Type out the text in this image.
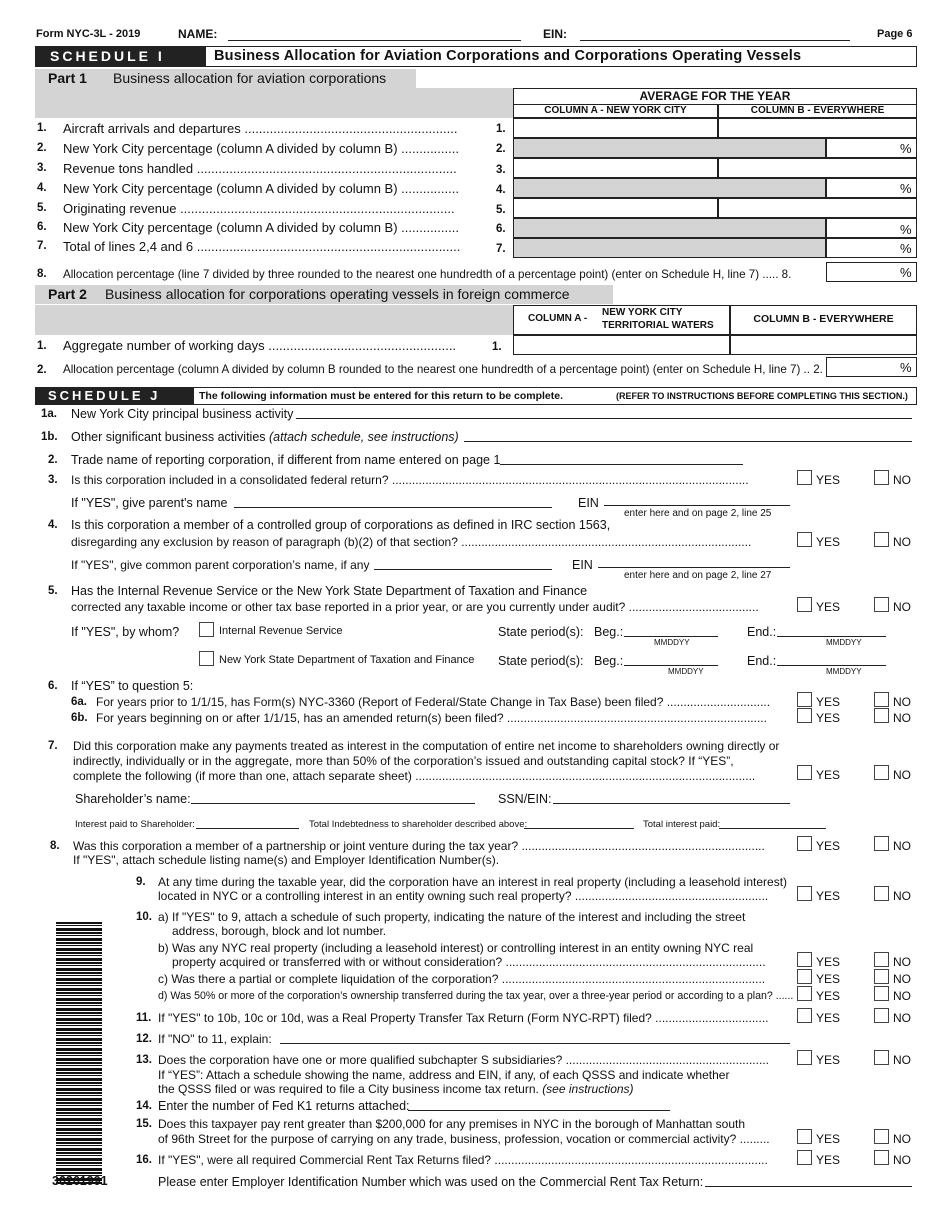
Form NYC-3L - 2019	NAME:	EIN:	Page 6
SCHEDULE I	Business Allocation for Aviation Corporations and Corporations Operating Vessels
Part 1 Business allocation for aviation corporations
AVERAGE FOR THE YEAR
COLUMN A - NEW YORK CITY	COLUMN B - EVERYWHERE
1. Aircraft arrivals and departures ...........................................................	1.
2. New York City percentage (column A divided by column B) ................	2.	%
3. Revenue tons handled ........................................................................	3.
4. New York City percentage (column A divided by column B) ................	4.	%
5. Originating revenue ............................................................................	5.
6. New York City percentage (column A divided by column B) ................	6.	%
7. Total of lines 2,4 and 6 .........................................................................	7.	%
8. Allocation percentage (line 7 divided by three rounded to the nearest one hundredth of a percentage point) (enter on Schedule H, line 7) ..... 8.	%
Part 2 Business allocation for corporations operating vessels in foreign commerce
COLUMN A -
NEW YORK CITY
TERRITORIAL WATERS
COLUMN B - EVERYWHERE
1. Aggregate number of working days ....................................................	1.
2. Allocation percentage (column A divided by column B rounded to the nearest one hundredth of a percentage point) (enter on Schedule H, line 7) .. 2.	%
SCHEDULE J	The following information must be entered for this return to be complete.	(REFER TO INSTRUCTIONS BEFORE COMPLETING THIS SECTION.)
1a. New York City principal business activity
1b. Other significant business activities (attach schedule, see instructions)
2. Trade name of reporting corporation, if different from name entered on page 1
3. Is this corporation included in a consolidated federal return? ...........................................................................................................	YES	NO
If "YES", give parent's name	EIN
enter here and on page 2, line 25
4. Is this corporation a member of a controlled group of corporations as defined in IRC section 1563,
disregarding any exclusion by reason of paragraph (b)(2) of that section? .......................................................................................	YES	NO
If "YES", give common parent corporation’s name, if any	EIN
enter here and on page 2, line 27
5. Has the Internal Revenue Service or the New York State Department of Taxation and Finance
corrected any taxable income or other tax base reported in a prior year, or are you currently under audit? .......................................	YES	NO
If "YES", by whom?	Internal Revenue Service	State period(s): Beg.:
MMDDYY
End.:
MMDDYY
New York State Department of Taxation and Finance State period(s): Beg.:
MMDDYY
End.:
MMDDYY
6. If “YES” to question 5:
6a. For years prior to 1/1/15, has Form(s) NYC-3360 (Report of Federal/State Change in Tax Base) been filed? ...............................	YES	NO
6b. For years beginning on or after 1/1/15, has an amended return(s) been filed? ..............................................................................	YES	NO
7. Did this corporation make any payments treated as interest in the computation of entire net income to shareholders owning directly or
indirectly, individually or in the aggregate, more than 50% of the corporation’s issued and outstanding capital stock? If “YES”,
complete the following (if more than one, attach separate sheet) ......................................................................................................	YES	NO
Shareholder’s name:	SSN/EIN:
Interest paid to Shareholder:	Total Indebtedness to shareholder described above:	Total interest paid:
8. Was this corporation a member of a partnership or joint venture during the tax year? .........................................................................
If "YES", attach schedule listing name(s) and Employer Identification Number(s).
YES	NO
9. At any time during the taxable year, did the corporation have an interest in real property (including a leasehold interest)
located in NYC or a controlling interest in an entity owning such real property? ..........................................................	YES	NO
10. a) If "YES" to 9, attach a schedule of such property, indicating the nature of the interest and including the street
address, borough, block and lot number.
b) Was any NYC real property (including a leasehold interest) or controlling interest in an entity owning NYC real
property acquired or transferred with or without consideration? ..............................................................................	YES	NO
c) Was there a partial or complete liquidation of the corporation? ...............................................................................	YES	NO
d) Was 50% or more of the corporation’s ownership transferred during the tax year, over a three-year period or according to a plan? ...... YES	NO
11. If "YES" to 10b, 10c or 10d, was a Real Property Transfer Tax Return (Form NYC-RPT) filed? ..................................	YES	NO
12. If "NO" to 11, explain:
13. Does the corporation have one or more qualified subchapter S subsidiaries? .............................................................
If “YES”: Attach a schedule showing the name, address and EIN, if any, of each QSSS and indicate whether
the QSSS filed or was required to file a City business income tax return. (see instructions)
YES	NO
14. Enter the number of Fed K1 returns attached:
15. Does this taxpayer pay rent greater than $200,000 for any premises in NYC in the borough of Manhattan south
of 96th Street for the purpose of carrying on any trade, business, profession, vocation or commercial activity? .........	YES	NO
16. If "YES", were all required Commercial Rent Tax Returns filed? ..................................................................................	YES	NO
30261991	Please enter Employer Identification Number which was used on the Commercial Rent Tax Return:
